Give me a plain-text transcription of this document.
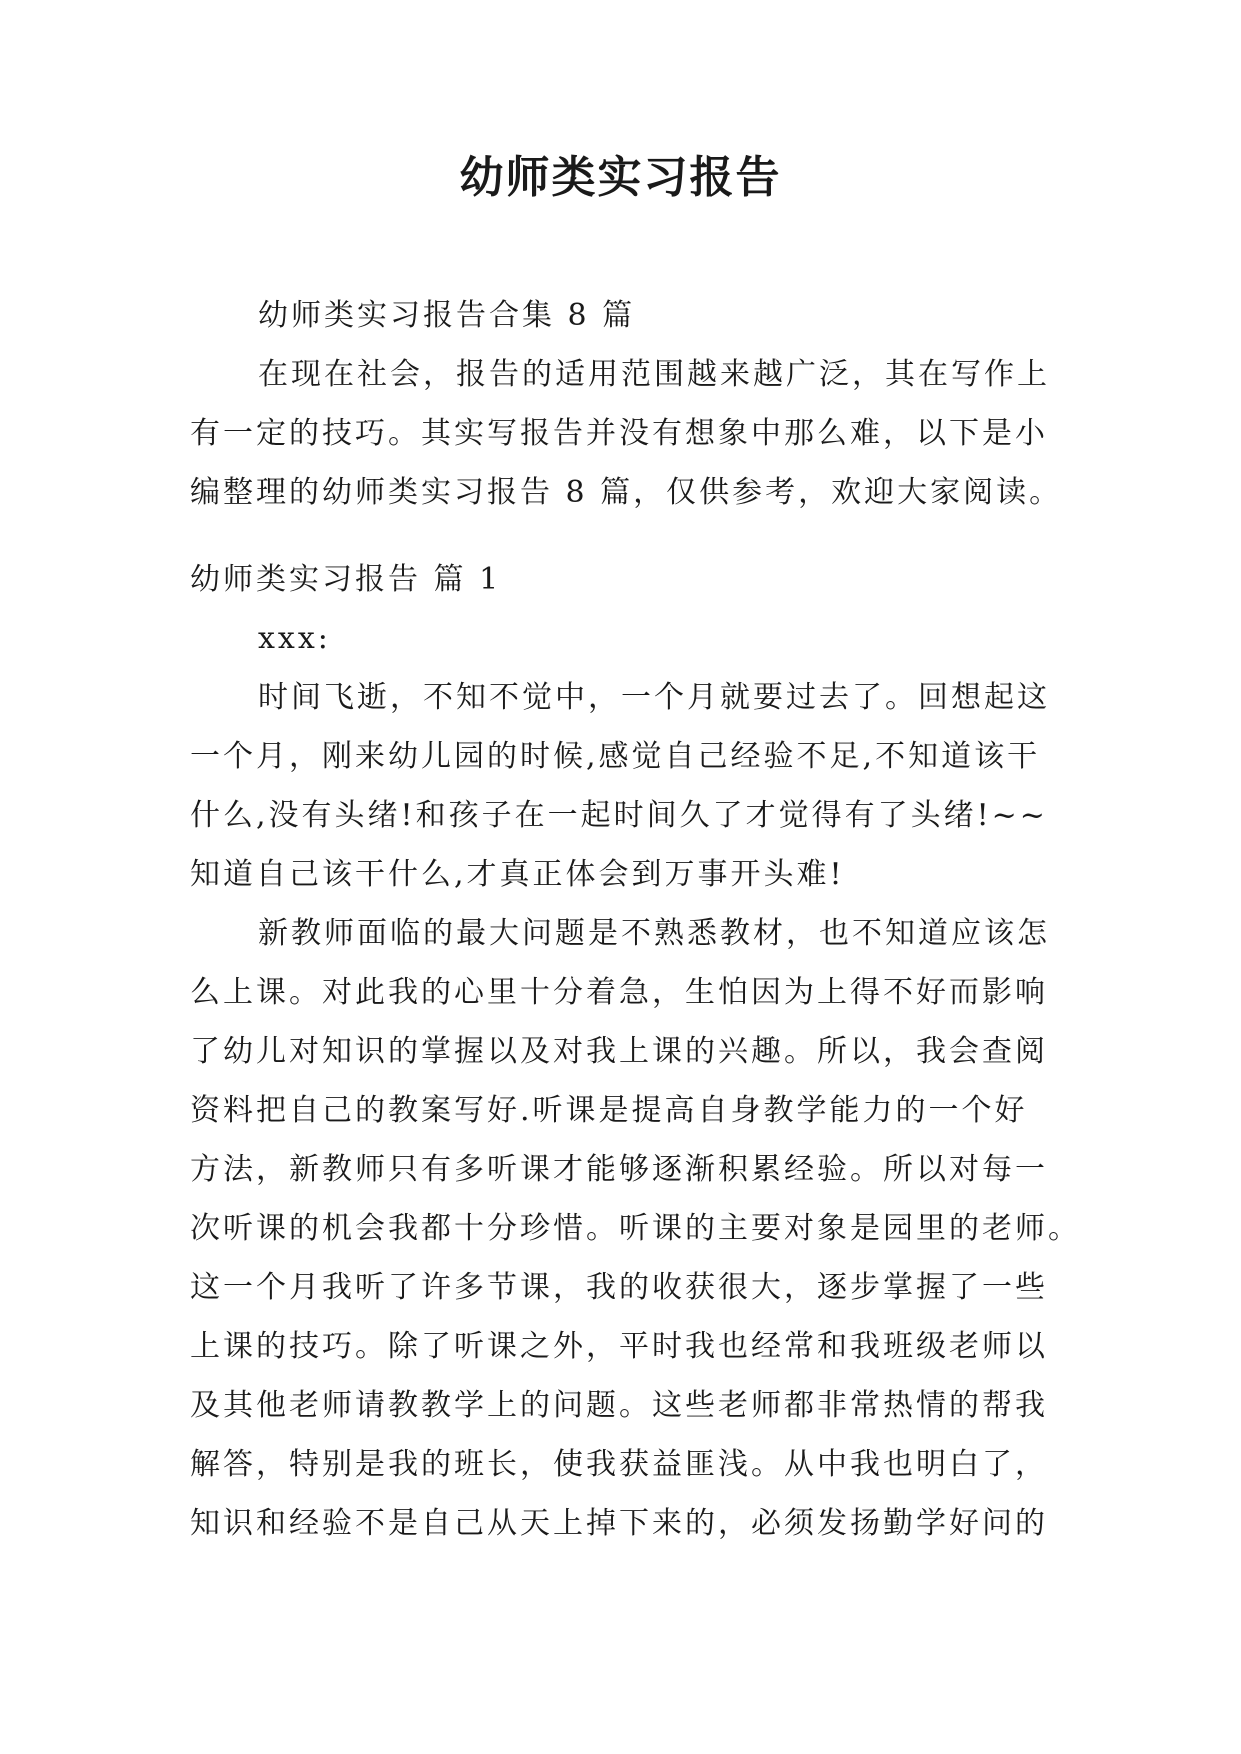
幼师类实习报告
幼师类实习报告合集 8 篇
在现在社会，报告的适用范围越来越广泛，其在写作上
有一定的技巧。其实写报告并没有想象中那么难，以下是小
编整理的幼师类实习报告 8 篇，仅供参考，欢迎大家阅读。
幼师类实习报告 篇 1
xxx:
时间飞逝，不知不觉中，一个月就要过去了。回想起这
一个月，刚来幼儿园的时候,感觉自己经验不足,不知道该干
什么,没有头绪!和孩子在一起时间久了才觉得有了头绪!~~
知道自己该干什么,才真正体会到万事开头难!
新教师面临的最大问题是不熟悉教材，也不知道应该怎
么上课。对此我的心里十分着急，生怕因为上得不好而影响
了幼儿对知识的掌握以及对我上课的兴趣。所以，我会查阅
资料把自己的教案写好.听课是提高自身教学能力的一个好
方法，新教师只有多听课才能够逐渐积累经验。所以对每一
次听课的机会我都十分珍惜。听课的主要对象是园里的老师。
这一个月我听了许多节课，我的收获很大，逐步掌握了一些
上课的技巧。除了听课之外，平时我也经常和我班级老师以
及其他老师请教教学上的问题。这些老师都非常热情的帮我
解答，特别是我的班长，使我获益匪浅。从中我也明白了，
知识和经验不是自己从天上掉下来的，必须发扬勤学好问的
